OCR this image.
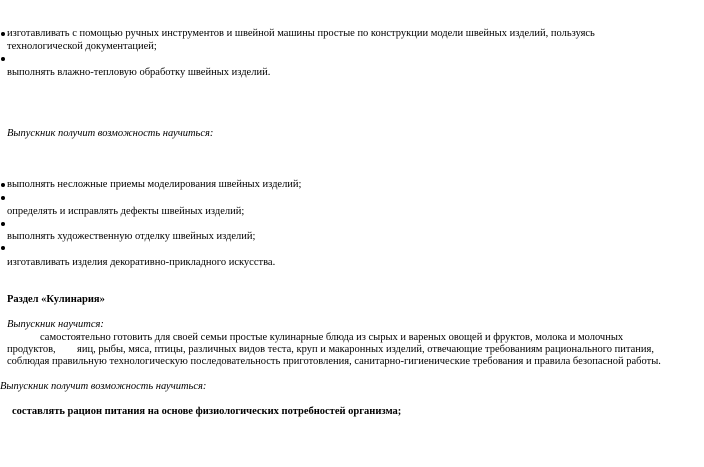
изготавливать с помощью ручных инструментов и швейной машины простые по конструкции модели швейных изделий, пользуясь
технологической документацией;
выполнять влажно-тепловую обработку швейных изделий.
Выпускник получит возможность научиться:
выполнять несложные приемы моделирования швейных изделий;
определять и исправлять дефекты швейных изделий;
выполнять художественную отделку швейных изделий;
изготавливать изделия декоративно-прикладного искусства.
Раздел «Кулинария»
Выпускник научится:
самостоятельно готовить для своей семьи простые кулинарные блюда из сырых и вареных овощей и фруктов, молока и молочных
продуктов, яиц, рыбы, мяса, птицы, различных видов теста, круп и макаронных изделий, отвечающие требованиям рационального питания,
соблюдая правильную технологическую последовательность приготовления, санитарно-гигиенические требования и правила безопасной работы.
Выпускник получит возможность научиться:
составлять рацион питания на основе физиологических потребностей организма;
